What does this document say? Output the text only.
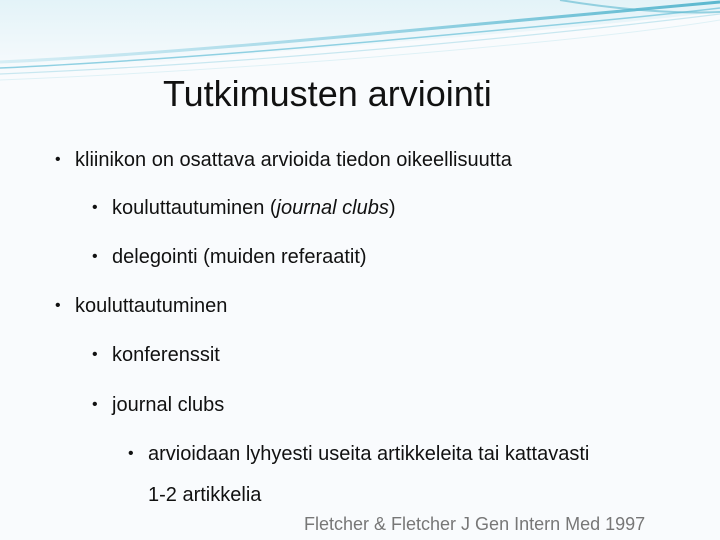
Tutkimusten arviointi
• kliinikon on osattava arvioida tiedon oikeellisuutta
• kouluttautuminen (journal clubs)
• delegointi (muiden referaatit)
• kouluttautuminen
• konferenssit
• journal clubs
• arvioidaan lyhyesti useita artikkeleita tai kattavasti
1-2 artikkelia
Fletcher & Fletcher J Gen Intern Med 1997
